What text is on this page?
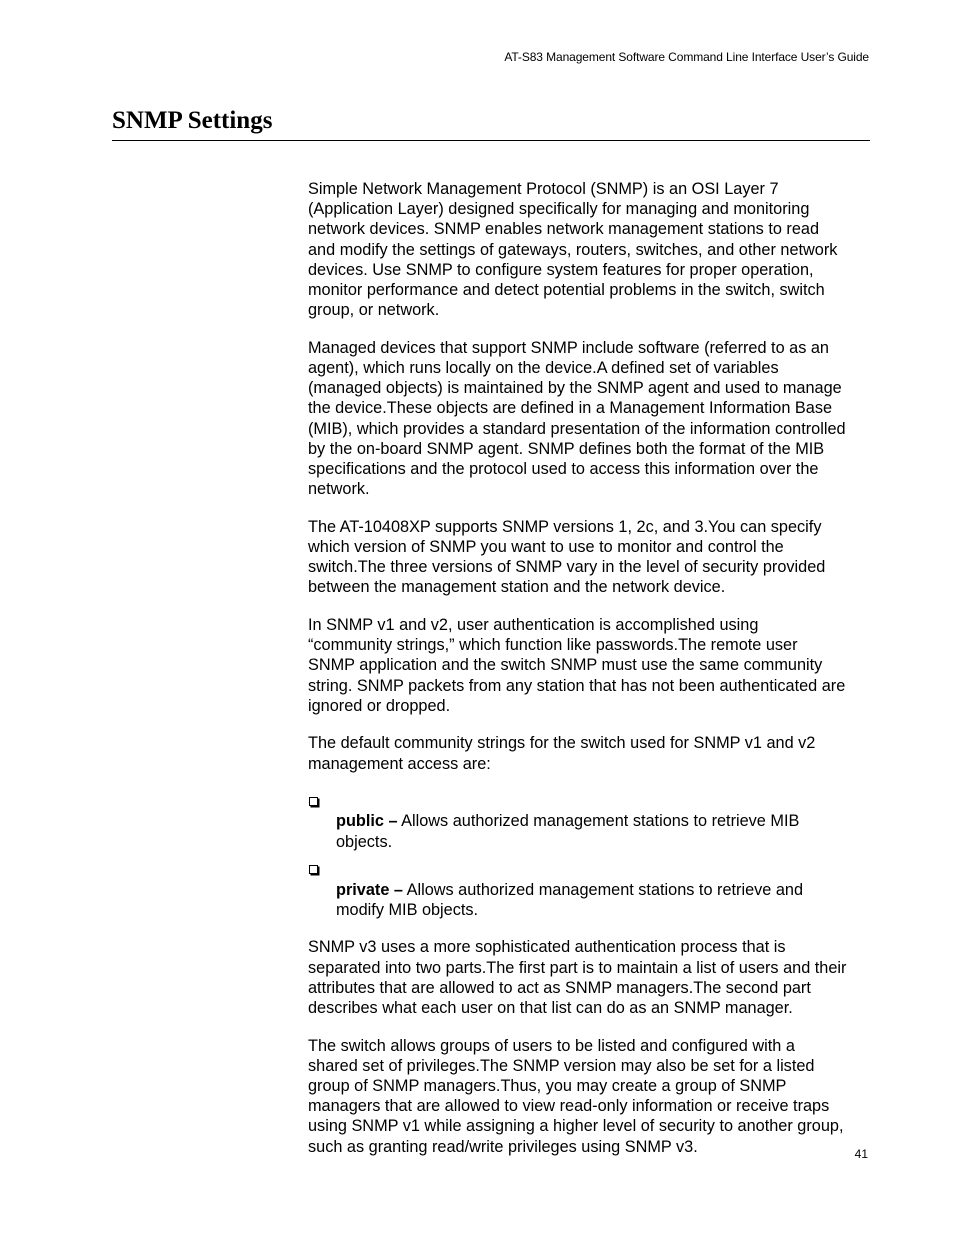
AT-S83 Management Software Command Line Interface User’s Guide
SNMP Settings

Simple Network Management Protocol (SNMP) is an OSI Layer 7
(Application Layer) designed specifically for managing and monitoring
network devices. SNMP enables network management stations to read
and modify the settings of gateways, routers, switches, and other network
devices. Use SNMP to configure system features for proper operation,
monitor performance and detect potential problems in the switch, switch
group, or network.

Managed devices that support SNMP include software (referred to as an
agent), which runs locally on the device.A defined set of variables
(managed objects) is maintained by the SNMP agent and used to manage
the device.These objects are defined in a Management Information Base
(MIB), which provides a standard presentation of the information controlled
by the on-board SNMP agent. SNMP defines both the format of the MIB
specifications and the protocol used to access this information over the
network.

The AT-10408XP supports SNMP versions 1, 2c, and 3.You can specify
which version of SNMP you want to use to monitor and control the
switch.The three versions of SNMP vary in the level of security provided
between the management station and the network device.

In SNMP v1 and v2, user authentication is accomplished using
“community strings,” which function like passwords.The remote user
SNMP application and the switch SNMP must use the same community
string. SNMP packets from any station that has not been authenticated are
ignored or dropped.

The default community strings for the switch used for SNMP v1 and v2
management access are:

public – Allows authorized management stations to retrieve MIB
objects.

private – Allows authorized management stations to retrieve and
modify MIB objects.

SNMP v3 uses a more sophisticated authentication process that is
separated into two parts.The first part is to maintain a list of users and their
attributes that are allowed to act as SNMP managers.The second part
describes what each user on that list can do as an SNMP manager.

The switch allows groups of users to be listed and configured with a
shared set of privileges.The SNMP version may also be set for a listed
group of SNMP managers.Thus, you may create a group of SNMP
managers that are allowed to view read-only information or receive traps
using SNMP v1 while assigning a higher level of security to another group,
such as granting read/write privileges using SNMP v3.	41
